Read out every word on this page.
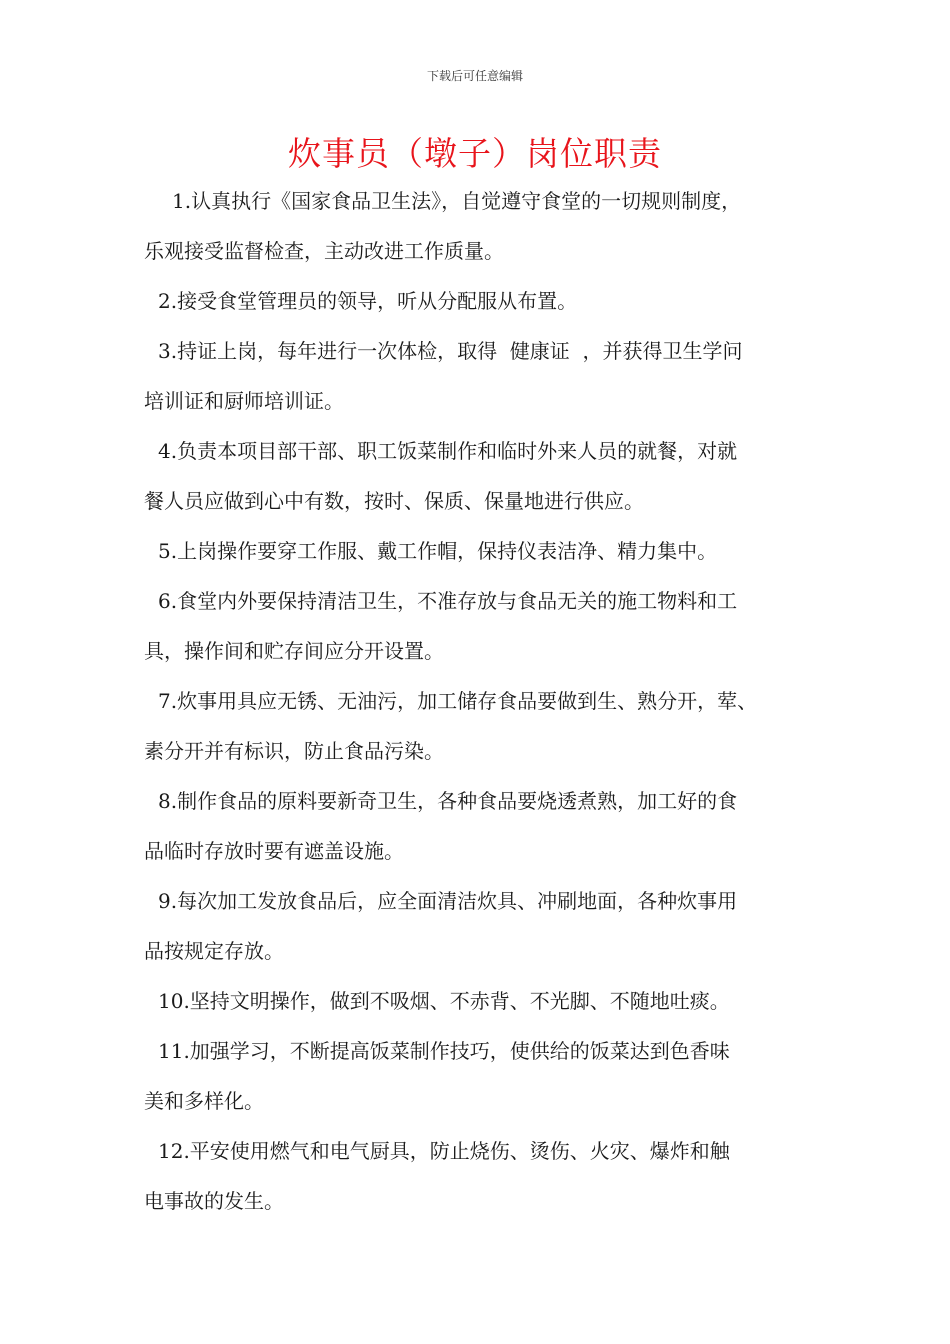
下载后可任意编辑
炊事员（墩子）岗位职责

1.认真执行《国家食品卫生法》，自觉遵守食堂的一切规则制度，
乐观接受监督检查，主动改进工作质量。

2.接受食堂管理员的领导，听从分配服从布置。

3.持证上岗，每年进行一次体检，取得  健康证  ，并获得卫生学问
培训证和厨师培训证。

4.负责本项目部干部、职工饭菜制作和临时外来人员的就餐，对就
餐人员应做到心中有数，按时、保质、保量地进行供应。

5.上岗操作要穿工作服、戴工作帽，保持仪表洁净、精力集中。

6.食堂内外要保持清洁卫生，不准存放与食品无关的施工物料和工
具，操作间和贮存间应分开设置。

7.炊事用具应无锈、无油污，加工储存食品要做到生、熟分开，荤、
素分开并有标识，防止食品污染。

8.制作食品的原料要新奇卫生，各种食品要烧透煮熟，加工好的食
品临时存放时要有遮盖设施。

9.每次加工发放食品后，应全面清洁炊具、冲刷地面，各种炊事用
品按规定存放。

10.坚持文明操作，做到不吸烟、不赤背、不光脚、不随地吐痰。

11.加强学习，不断提高饭菜制作技巧，使供给的饭菜达到色香味
美和多样化。

12.平安使用燃气和电气厨具，防止烧伤、烫伤、火灾、爆炸和触
电事故的发生。
